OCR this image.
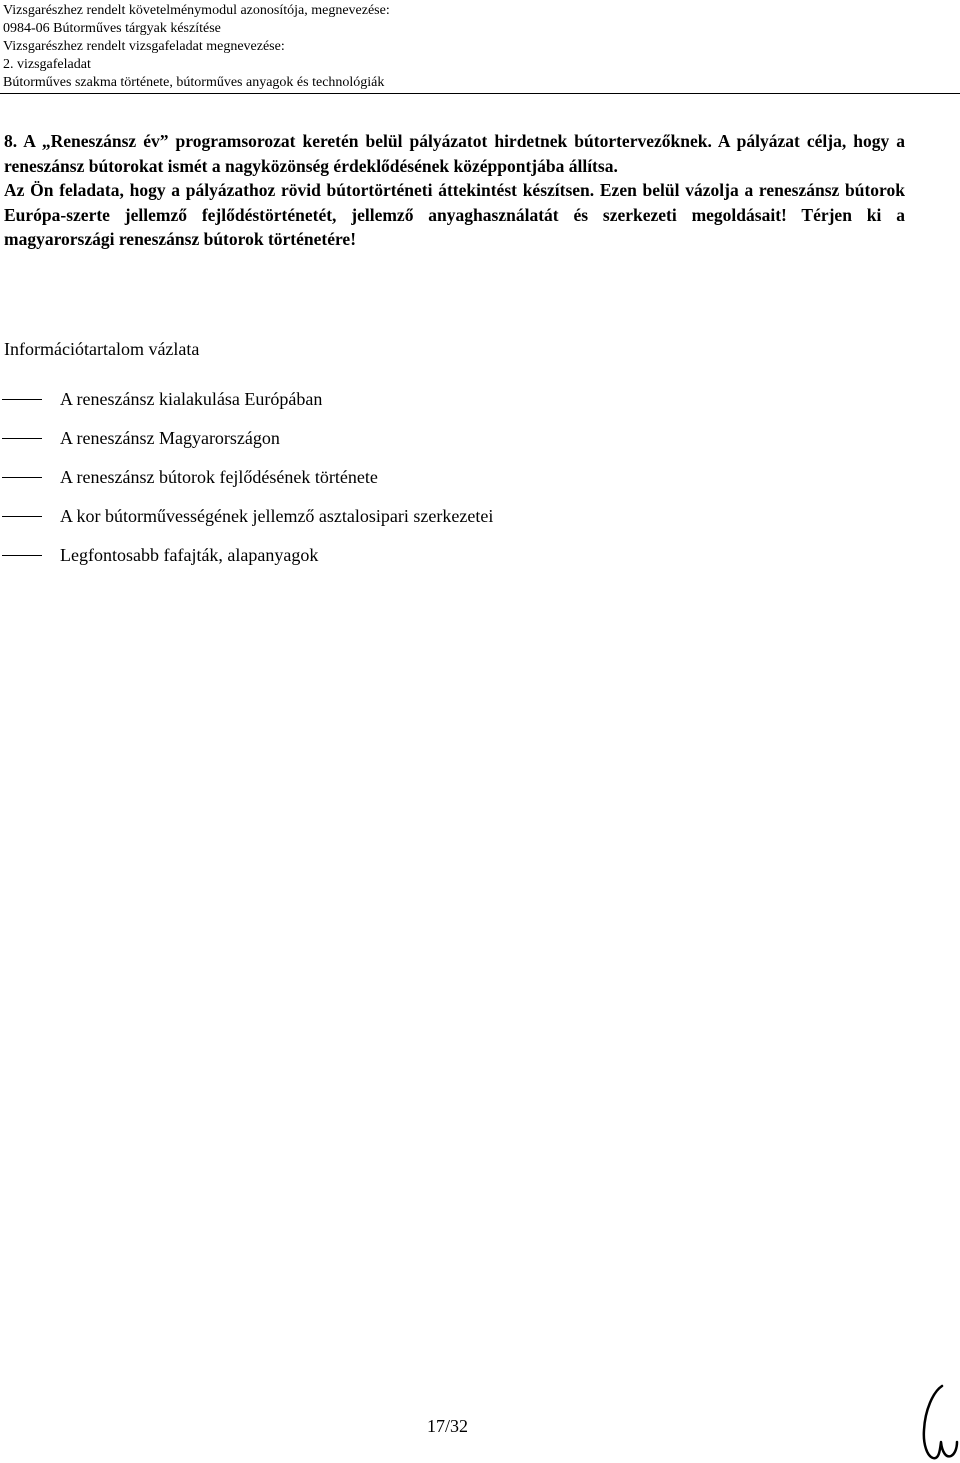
Vizsgarészhez rendelt követelménymodul azonosítója, megnevezése:
0984-06 Bútorműves tárgyak készítése
Vizsgarészhez rendelt vizsgafeladat megnevezése:
2. vizsgafeladat
Bútorműves szakma története, bútorműves anyagok és technológiák

8. A „Reneszánsz év” programsorozat keretén belül pályázatot hirdetnek bútortervezőknek. A pályázat célja, hogy a reneszánsz bútorokat ismét a nagyközönség érdeklődésének középpontjába állítsa.

Az Ön feladata, hogy a pályázathoz rövid bútortörténeti áttekintést készítsen. Ezen belül vázolja a reneszánsz bútorok Európa-szerte jellemző fejlődéstörténetét, jellemző anyaghasználatát és szerkezeti megoldásait! Térjen ki a magyarországi reneszánsz bútorok történetére!

Információtartalom vázlata
A reneszánsz kialakulása Európában
A reneszánsz Magyarországon
A reneszánsz bútorok fejlődésének története
A kor bútorművességének jellemző asztalosipari szerkezetei
Legfontosabb fafajták, alapanyagok
17/32
